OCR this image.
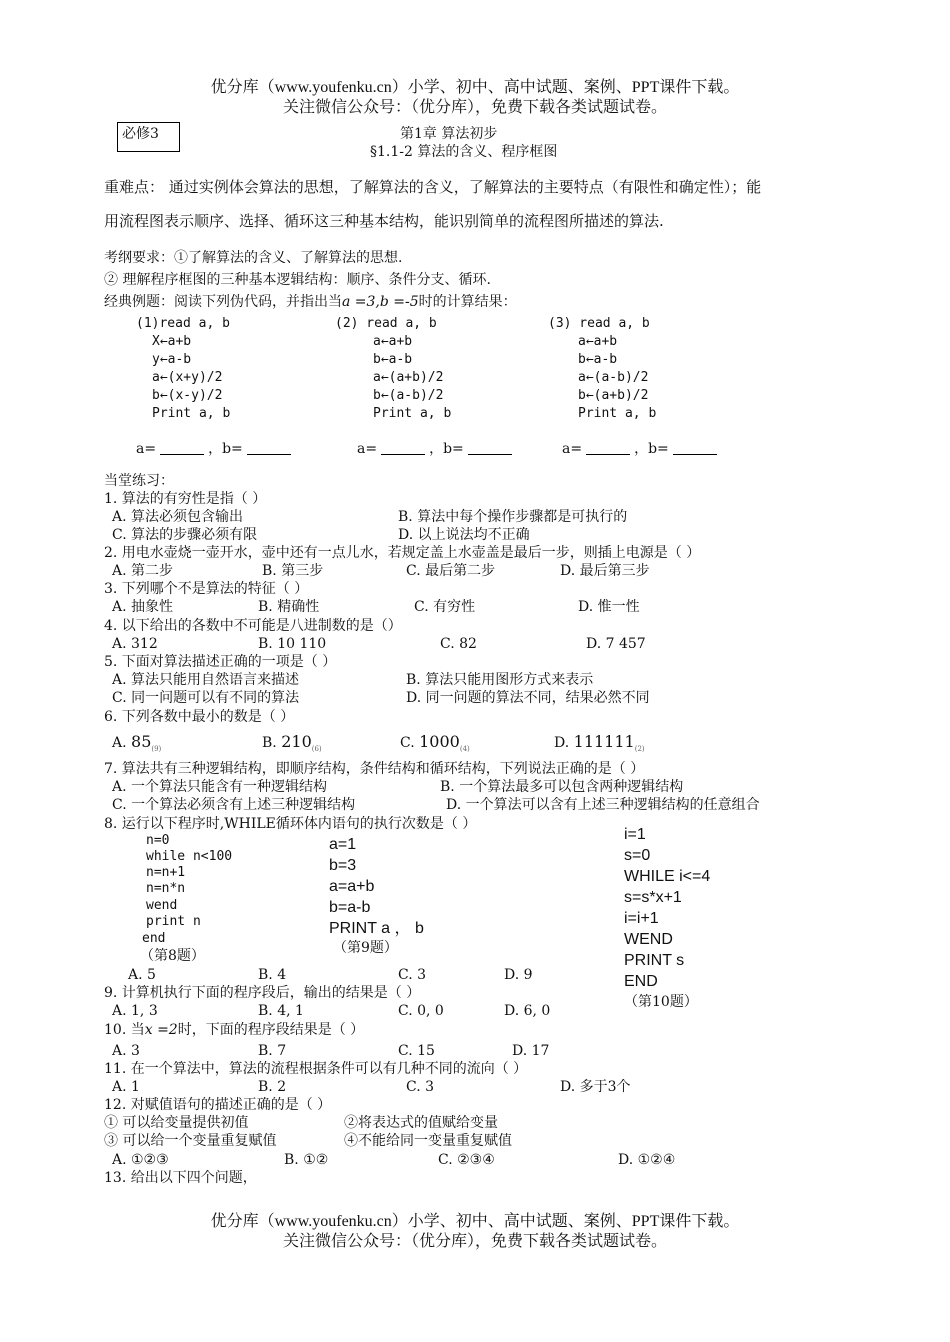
优分库（www.youfenku.cn）小学、初中、高中试题、案例、PPT课件下载。
关注微信公众号：（优分库），免费下载各类试题试卷。
必修3	第1章 算法初步
§1.1-2 算法的含义、程序框图
重难点： 通过实例体会算法的思想，了解算法的含义，了解算法的主要特点（有限性和确定性）；能
用流程图表示顺序、选择、循环这三种基本结构，能识别简单的流程图所描述的算法.
考纲要求：①了解算法的含义、了解算法的思想.
② 理解程序框图的三种基本逻辑结构：顺序、条件分支、循环.
经典例题：阅读下列伪代码，并指出当a =3,b =-5时的计算结果：
(1)read a, b
X←a+b
y←a-b
a←(x+y)/2
b←(x-y)/2
Print a, b
(2) read a, b
a←a+b
b←a-b
a←(a+b)/2
b←(a-b)/2
Print a, b
(3) read a, b
a←a+b
b←a-b
a←(a-b)/2
b←(a+b)/2
Print a, b
a=	，b=	a=	，b=	a=	，b=
当堂练习：
1. 算法的有穷性是指（ ）
A. 算法必须包含输出	B. 算法中每个操作步骤都是可执行的
C. 算法的步骤必须有限	D. 以上说法均不正确
2. 用电水壶烧一壶开水，壶中还有一点儿水，若规定盖上水壶盖是最后一步，则插上电源是（ ）
A. 第二步	B. 第三步	C. 最后第二步	D. 最后第三步
3. 下列哪个不是算法的特征（ ）
A. 抽象性	B. 精确性	C. 有穷性	D. 惟一性
4. 以下给出的各数中不可能是八进制数的是（）
A. 312	B. 10 110	C. 82	D. 7 457
5. 下面对算法描述正确的一项是（ ）
A. 算法只能用自然语言来描述	B. 算法只能用图形方式来表示
C. 同一问题可以有不同的算法	D. 同一问题的算法不同，结果必然不同
6. 下列各数中最小的数是（ ）
A. $85_{(9)}$	B. $210_{(6)}$	C. $1000_{(4)}$	D. $111111_{(2)}$
7. 算法共有三种逻辑结构，即顺序结构，条件结构和循环结构，下列说法正确的是（ ）
A. 一个算法只能含有一种逻辑结构	B. 一个算法最多可以包含两种逻辑结构
C. 一个算法必须含有上述三种逻辑结构	D. 一个算法可以含有上述三种逻辑结构的任意组合
8. 运行以下程序时,WHILE循环体内语句的执行次数是（ ）
n=0
while n<100
n=n+1
n=n*n
wend
print n
end
（第8题）
a=1
b=3
a=a+b
b=a-b
PRINT a ， b
（第9题）
i=1
s=0
WHILE i<=4
s=s*x+1
i=i+1
WEND
PRINT s
END
（第10题）
A. 5	B. 4	C. 3	D. 9
9. 计算机执行下面的程序段后，输出的结果是（ ）
A. 1, 3	B. 4, 1	C. 0, 0	D. 6, 0
10. 当x =2时，下面的程序段结果是（ ）
A. 3	B. 7	C. 15	D. 17
11. 在一个算法中，算法的流程根据条件可以有几种不同的流向（ ）
A. 1	B. 2	C. 3	D. 多于3个
12. 对赋值语句的描述正确的是（ ）
① 可以给变量提供初值	②将表达式的值赋给变量
③ 可以给一个变量重复赋值	④不能给同一变量重复赋值
A. ①②③	B. ①②	C. ②③④	D. ①②④
13. 给出以下四个问题，
优分库（www.youfenku.cn）小学、初中、高中试题、案例、PPT课件下载。
关注微信公众号：（优分库），免费下载各类试题试卷。
